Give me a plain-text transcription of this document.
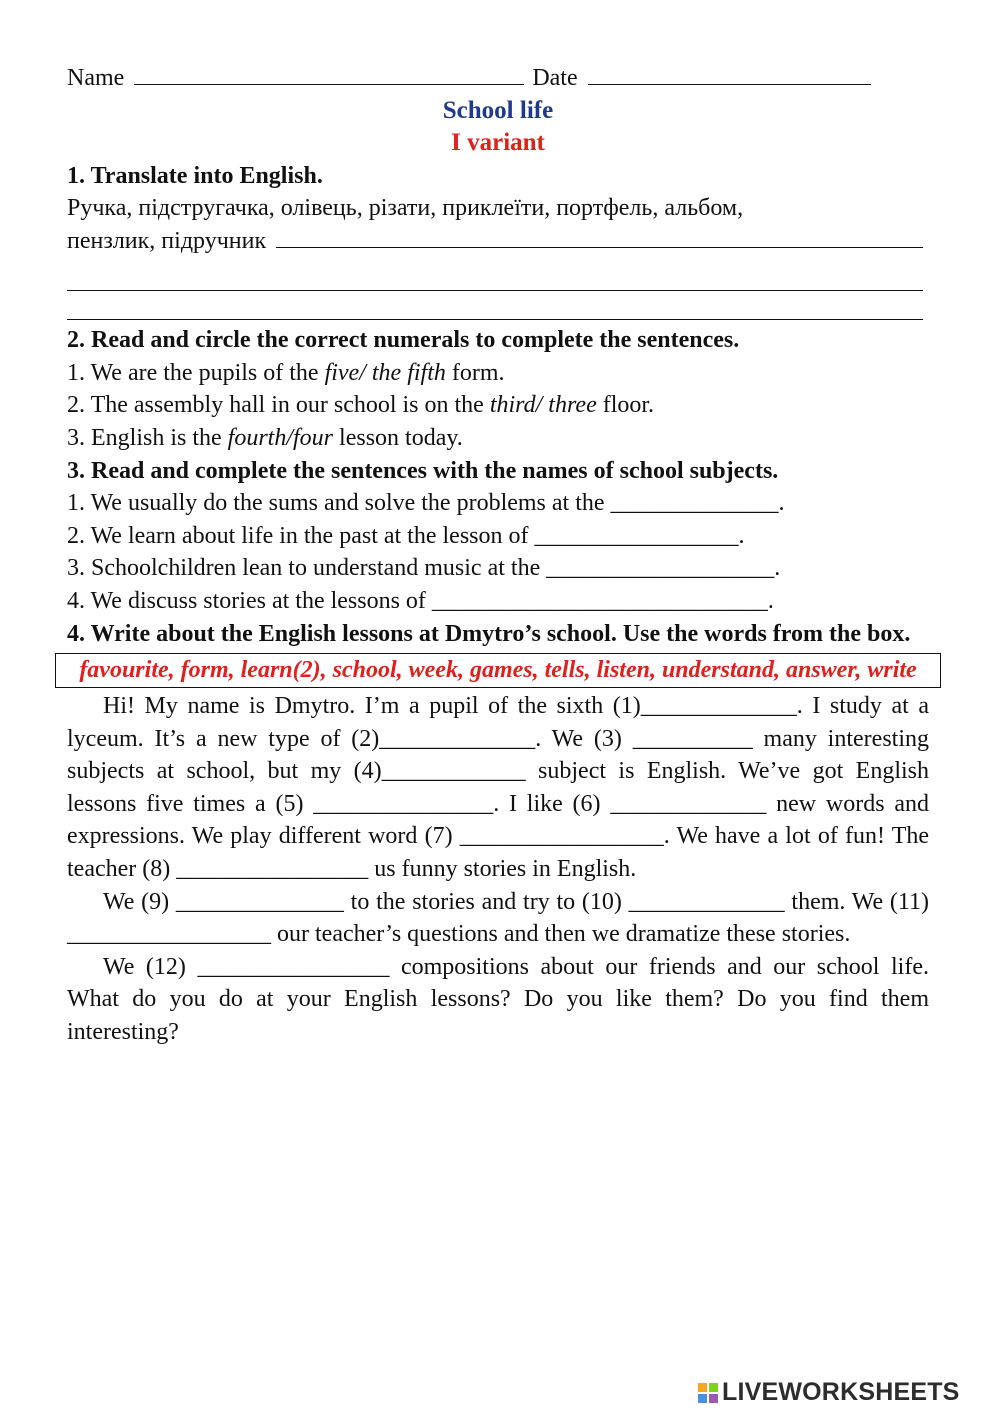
Name	Date
School life
I variant
1. Translate into English.
Ручка, підстругачка, олівець, різати, приклеїти, портфель, альбом,
пензлик, підручник
2. Read and circle the correct numerals to complete the sentences.
1. We are the pupils of the five/ the fifth form.
2. The assembly hall in our school is on the third/ three floor.
3. English is the fourth/four lesson today.
3. Read and complete the sentences with the names of school subjects.
1. We usually do the sums and solve the problems at the ______________.
2. We learn about life in the past at the lesson of _________________.
3. Schoolchildren lean to understand music at the ___________________.
4. We discuss stories at the lessons of ____________________________.
4. Write about the English lessons at Dmytro’s school. Use the words from the box.
favourite, form, learn(2), school, week, games, tells, listen, understand, answer, write
Hi! My name is Dmytro. I’m a pupil of the sixth (1)_____________. I study at a lyceum. It’s a new type of (2)_____________. We (3) __________ many interesting subjects at school, but my (4)____________ subject is English. We’ve got English lessons five times a (5) _______________. I like (6) _____________ new words and expressions. We play different word (7) _________________. We have a lot of fun! The teacher (8) ________________ us funny stories in English.
We (9) ______________ to the stories and try to (10) _____________ them. We (11) _________________ our teacher’s questions and then we dramatize these stories.
We (12) ________________ compositions about our friends and our school life. What do you do at your English lessons? Do you like them? Do you find them interesting?
LIVEWORKSHEETS
